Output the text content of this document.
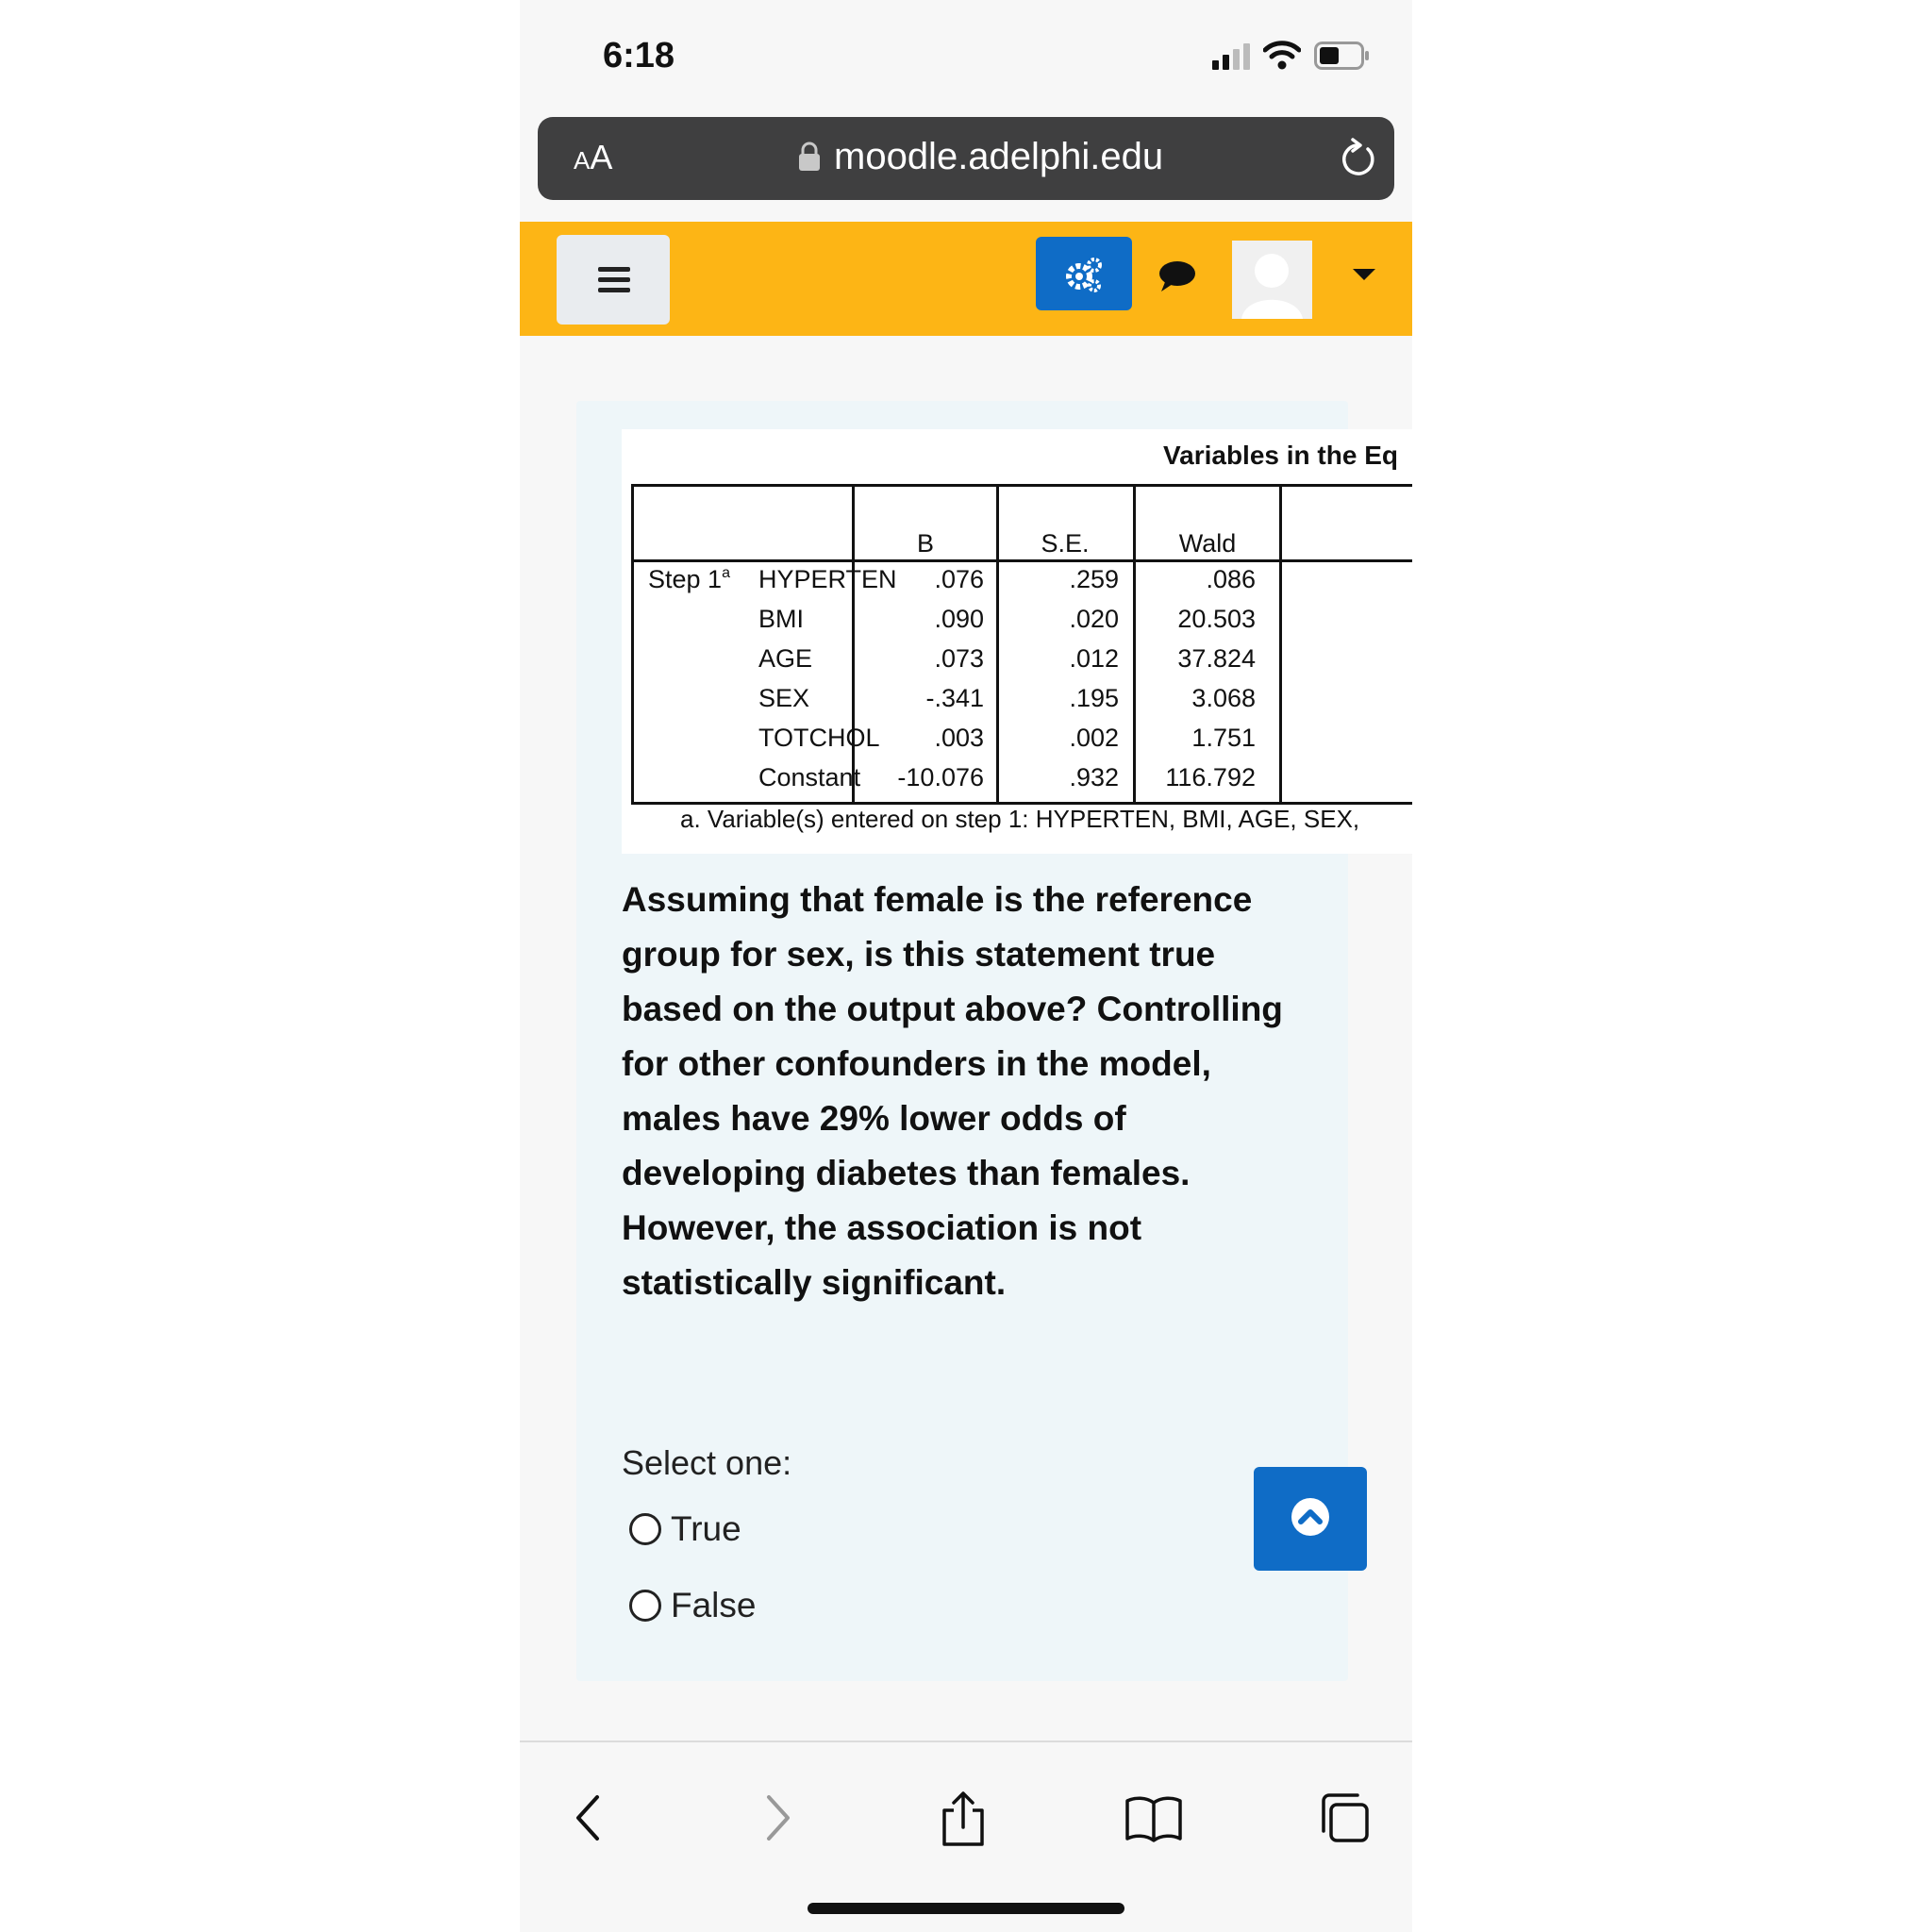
6:18
AA	moodle.adelphi.edu
Variables in the Eq
B	S.E.	Wald
Step 1$^a$ HYPERTEN	.076	.259	.086
BMI	.090	.020	20.503
AGE	.073	.012	37.824
SEX	-.341	.195	3.068
TOTCHOL	.003	.002	1.751
Constant	-10.076	.932	116.792
a. Variable(s) entered on step 1: HYPERTEN, BMI, AGE, SEX,
Assuming that female is the reference group for sex, is this statement true based on the output above? Controlling for other confounders in the model, males have 29% lower odds of developing diabetes than females. However, the association is not statistically significant.
Select one:
True
False
